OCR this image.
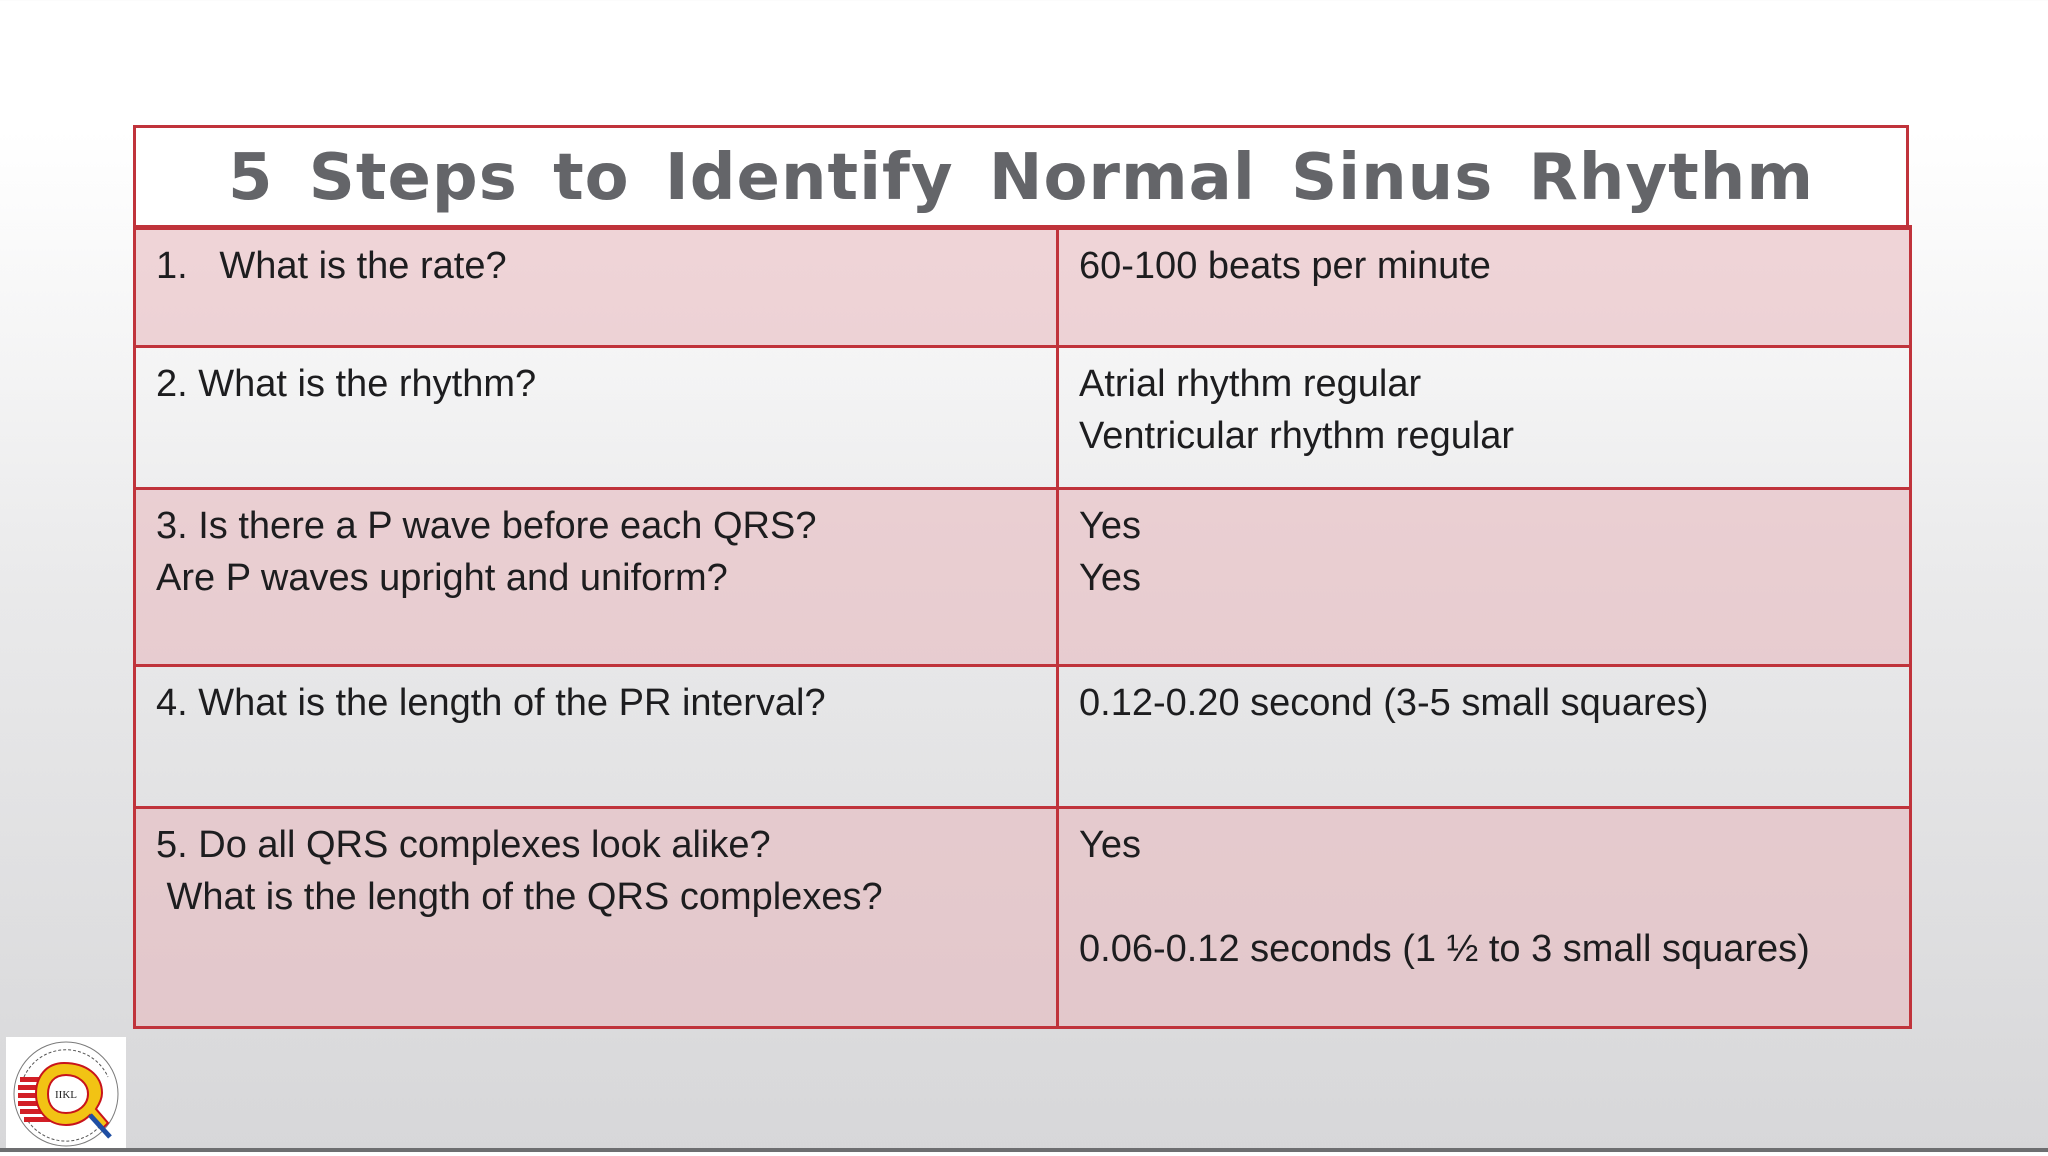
5 Steps to Identify Normal Sinus Rhythm
1.   What is the rate?	60-100 beats per minute

2. What is the rhythm?	Atrial rhythm regular
Ventricular rhythm regular

3. Is there a P wave before each QRS?
Are P waves upright and uniform?	Yes
Yes

4. What is the length of the PR interval?	0.12-0.20 second (3-5 small squares)

5. Do all QRS complexes look alike?
What is the length of the QRS complexes?	Yes
0.06-0.12 seconds (1 ½ to 3 small squares)
IIKL
